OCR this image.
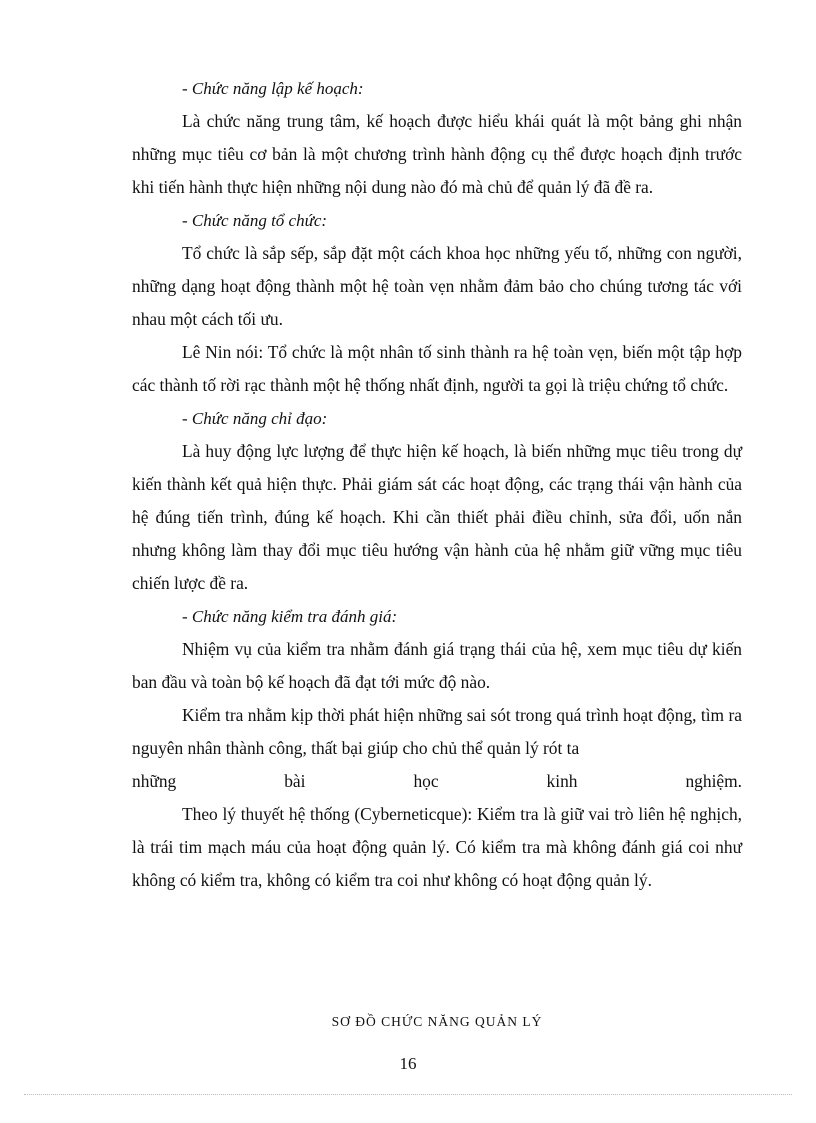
- Chức năng lập kế hoạch:

Là chức năng trung tâm, kế hoạch được hiểu khái quát là một bảng ghi nhận những mục tiêu cơ bản là một chương trình hành động cụ thể được hoạch định trước khi tiến hành thực hiện những nội dung nào đó mà chủ để quản lý đã đề ra.

- Chức năng tổ chức:

Tổ chức là sắp sếp, sắp đặt một cách khoa học những yếu tố, những con người, những dạng hoạt động thành một hệ toàn vẹn nhằm đảm bảo cho chúng tương tác với nhau một cách tối ưu.

Lê Nin nói: Tổ chức là một nhân tố sinh thành ra hệ toàn vẹn, biến một tập hợp các thành tố rời rạc thành một hệ thống nhất định, người ta gọi là triệu chứng tổ chức.

- Chức năng chỉ đạo:

Là huy động lực lượng để thực hiện kế hoạch, là biến những mục tiêu trong dự kiến thành kết quả hiện thực. Phải giám sát các hoạt động, các trạng thái vận hành của hệ đúng tiến trình, đúng kế hoạch. Khi cần thiết phải điều chỉnh, sửa đổi, uốn nắn nhưng không làm thay đổi mục tiêu hướng vận hành của hệ nhằm giữ vững mục tiêu chiến lược đề ra.

- Chức năng kiểm tra đánh giá:

Nhiệm vụ của kiểm tra nhằm đánh giá trạng thái của hệ, xem mục tiêu dự kiến ban đầu và toàn bộ kế hoạch đã đạt tới mức độ nào.

Kiểm tra nhằm kịp thời phát hiện những sai sót trong quá trình hoạt động, tìm ra nguyên nhân thành công, thất bại giúp cho chủ thể quản lý rót ta

những bài học kinh nghiệm.

Theo lý thuyết hệ thống (Cyberneticque): Kiểm tra là giữ vai trò liên hệ nghịch, là trái tim mạch máu của hoạt động quản lý. Có kiểm tra mà không đánh giá coi như không có kiểm tra, không có kiểm tra coi như không có hoạt động quản lý.

SƠ ĐỒ CHỨC NĂNG QUẢN LÝ
16
